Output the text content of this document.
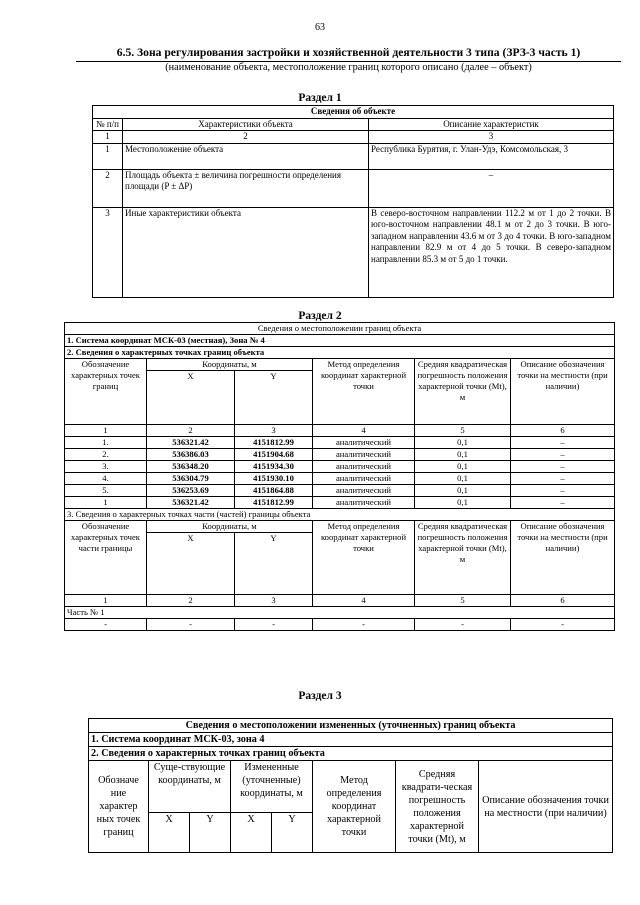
63
6.5. Зона регулирования застройки и хозяйственной деятельности 3 типа (ЗРЗ-3 часть 1)
(наименование объекта, местоположение границ которого описано (далее – объект)
Раздел 1
Сведения об объекте		
№ п/п	Характеристики объекта	Описание характеристик
1	2	3
1	Местоположение объекта	Республика Бурятия, г. Улан-Удэ, Комсомольская, 3
2	Площадь объекта ± величина погрешности определения площади (P ± ΔP)	–
3	Иные характеристики объекта	В северо-восточном направлении 112.2 м от 1 до 2 точки. В юго-восточном направлении 48.1 м от 2 до 3 точки. В юго-западном направлении 43.6 м от 3 до 4 точки. В юго-западном направлении 82.9 м от 4 до 5 точки. В северо-западном направлении 85.3 м от 5 до 1 точки.
Раздел 2
Сведения о местоположении границ объекта					
1. Система координат МСК-03 (местная), Зона № 4					
2. Сведения о характерных точках границ объекта					
Обозначение характерных точек границ	Координаты, м		Метод определения координат характерной точки	Средняя квадратическая погрешность положения характерной точки (Mt), м	Описание обозначения точки на местности (при наличии)
	X	Y			
1	2	3	4	5	6
1.	536321.42	4151812.99	аналитический	0,1	–
2.	536386.03	4151904.68	аналитический	0,1	–
3.	536348.20	4151934.30	аналитический	0,1	–
4.	536304.79	4151930.10	аналитический	0,1	–
5.	536253.69	4151864.88	аналитический	0,1	–
1	536321.42	4151812.99	аналитический	0,1	–
3. Сведения о характерных точках части (частей) границы объекта					
Обозначение характерных точек части границы	Координаты, м		Метод определения координат характерной точки	Средняя квадратическая погрешность положения характерной точки (Mt), м	Описание обозначения точки на местности (при наличии)
	X	Y			
1	2	3	4	5	6
Часть № 1					
-	-	-	-	-	-
Раздел 3
Сведения о местоположении измененных (уточненных) границ объекта							
1. Система координат МСК-03, зона 4							
2. Сведения о характерных точках границ объекта							
Обозначе ние характер ных точек границ	Суще-ствующие координаты, м		Измененные (уточненные) координаты, м		Метод определения координат характерной точки	Средняя квадрати-ческая погрешность положения характерной точки (Mt), м	Описание обозначения точки на местности (при наличии)
	X	Y	X	Y			
